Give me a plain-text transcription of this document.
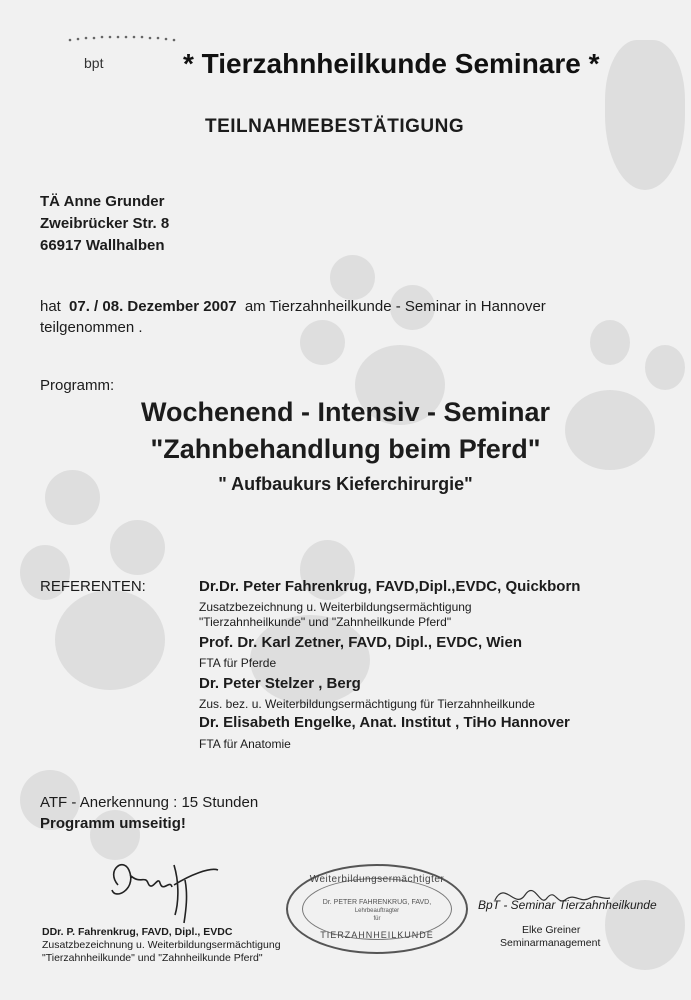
bpt	* Tierzahnheilkunde Seminare *
TEILNAHMEBESTÄTIGUNG
TÄ Anne Grunder
Zweibrücker Str. 8
66917 Wallhalben
hat 07. / 08. Dezember 2007 am Tierzahnheilkunde - Seminar in Hannover
teilgenommen .
Programm:
Wochenend - Intensiv - Seminar
"Zahnbehandlung beim Pferd"
" Aufbaukurs Kieferchirurgie"
REFERENTEN:	Dr.Dr. Peter Fahrenkrug, FAVD,Dipl.,EVDC, Quickborn
Zusatzbezeichnung u. Weiterbildungsermächtigung
"Tierzahnheilkunde" und "Zahnheilkunde Pferd"
Prof. Dr. Karl Zetner, FAVD, Dipl., EVDC, Wien
FTA für Pferde
Dr. Peter Stelzer , Berg
Zus. bez. u. Weiterbildungsermächtigung für Tierzahnheilkunde
Dr. Elisabeth Engelke, Anat. Institut , TiHo Hannover
FTA für Anatomie
ATF - Anerkennung : 15 Stunden
Programm umseitig!
DDr. P. Fahrenkrug, FAVD, Dipl., EVDC
Zusatzbezeichnung u. Weiterbildungsermächtigung
"Tierzahnheilkunde" und "Zahnheilkunde Pferd"
Weiterbildungsermächtigter
Dr. PETER FAHRENKRUG, FAVD,
Lehrbeauftragter
für
TIERZAHNHEILKUNDE
BpT - Seminar Tierzahnheilkunde
Elke Greiner
Seminarmanagement
